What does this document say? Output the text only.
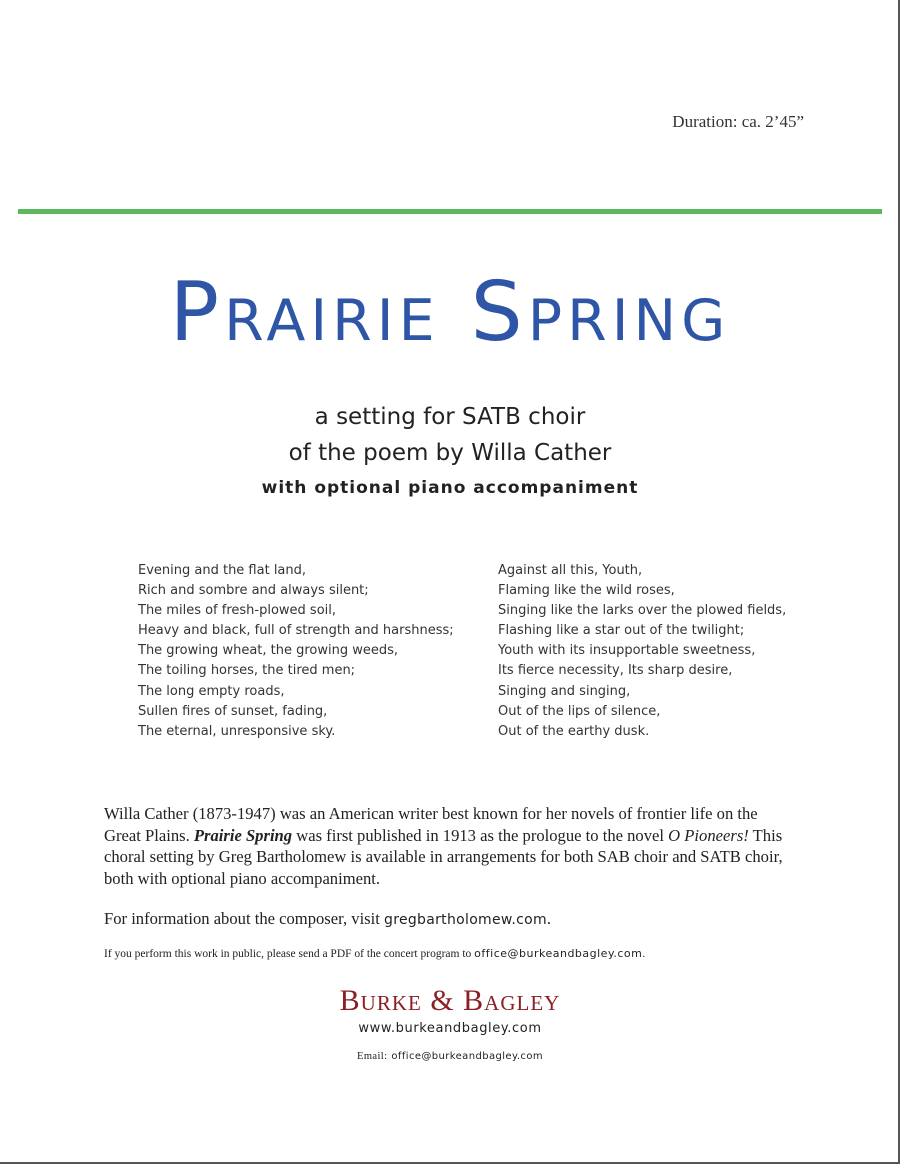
Duration: ca. 2’45”
Prairie Spring
a setting for SATB choir
of the poem by Willa Cather
with optional piano accompaniment
Evening and the flat land,
Rich and sombre and always silent;
The miles of fresh-plowed soil,
Heavy and black, full of strength and harshness;
The growing wheat, the growing weeds,
The toiling horses, the tired men;
The long empty roads,
Sullen fires of sunset, fading,
The eternal, unresponsive sky.
Against all this, Youth,
Flaming like the wild roses,
Singing like the larks over the plowed fields,
Flashing like a star out of the twilight;
Youth with its insupportable sweetness,
Its fierce necessity, Its sharp desire,
Singing and singing,
Out of the lips of silence,
Out of the earthy dusk.
Willa Cather (1873-1947) was an American writer best known for her novels of frontier life on the Great Plains. Prairie Spring was first published in 1913 as the prologue to the novel O Pioneers! This choral setting by Greg Bartholomew is available in arrangements for both SAB choir and SATB choir, both with optional piano accompaniment.
For information about the composer, visit gregbartholomew.com.
If you perform this work in public, please send a PDF of the concert program to office@burkeandbagley.com.
Burke & Bagley
www.burkeandbagley.com
Email: office@burkeandbagley.com
